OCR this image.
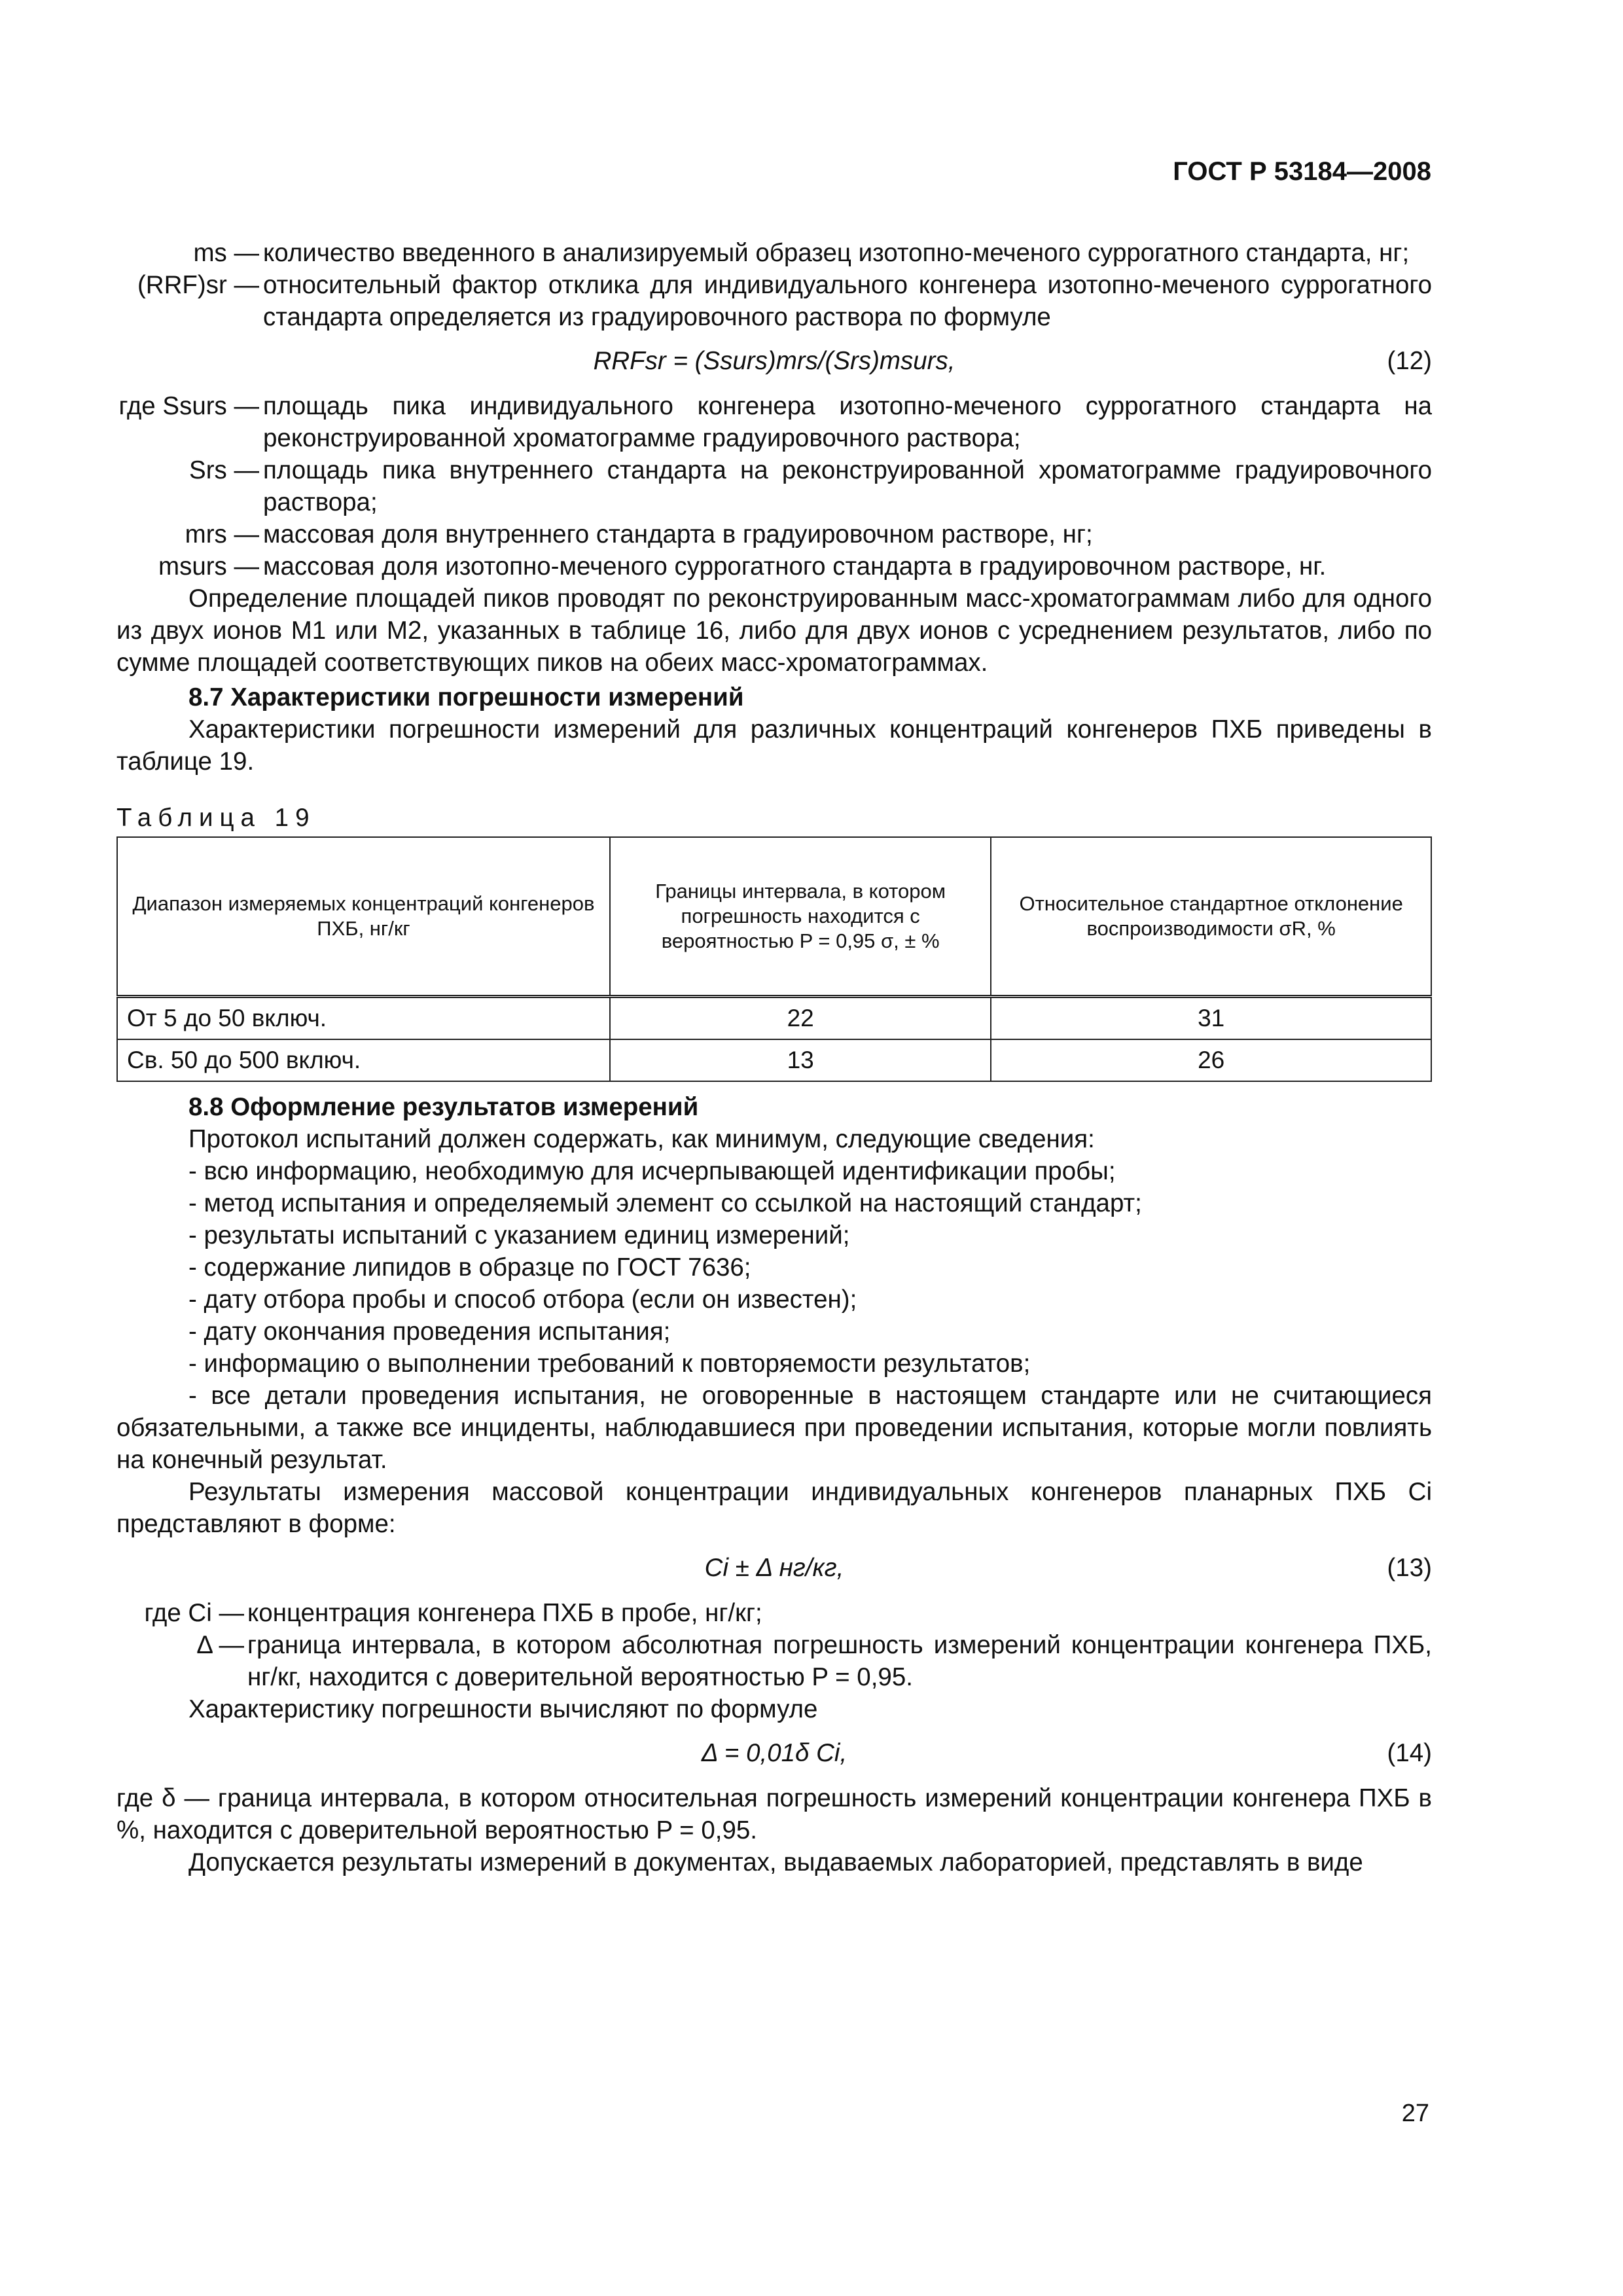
ГОСТ Р 53184—2008
ms — количество введенного в анализируемый образец изотопно-меченого суррогатного стандарта, нг;
(RRF)sr — относительный фактор отклика для индивидуального конгенера изотопно-меченого суррогатного стандарта определяется из градуировочного раствора по формуле
RRFsr = (Ssurs)mrs/(Srs)msurs,	(12)
где Ssurs — площадь пика индивидуального конгенера изотопно-меченого суррогатного стандарта на реконструированной хроматограмме градуировочного раствора;
Srs — площадь пика внутреннего стандарта на реконструированной хроматограмме градуировочного раствора;
mrs — массовая доля внутреннего стандарта в градуировочном растворе, нг;
msurs — массовая доля изотопно-меченого суррогатного стандарта в градуировочном растворе, нг.
Определение площадей пиков проводят по реконструированным масс-хроматограммам либо для одного из двух ионов М1 или М2, указанных в таблице 16, либо для двух ионов с усреднением результатов, либо по сумме площадей соответствующих пиков на обеих масс-хроматограммах.
8.7 Характеристики погрешности измерений
Характеристики погрешности измерений для различных концентраций конгенеров ПХБ приведены в таблице 19.
Таблица 19
Диапазон измеряемых концентраций конгенеров ПХБ, нг/кг	Границы интервала, в котором погрешность находится с вероятностью P = 0,95 σ, ± %	Относительное стандартное отклонение воспроизводимости σR, %
От 5 до 50 включ.	22	31
Св. 50 до 500 включ.	13	26
8.8 Оформление результатов измерений
Протокол испытаний должен содержать, как минимум, следующие сведения:
- всю информацию, необходимую для исчерпывающей идентификации пробы;
- метод испытания и определяемый элемент со ссылкой на настоящий стандарт;
- результаты испытаний с указанием единиц измерений;
- содержание липидов в образце по ГОСТ 7636;
- дату отбора пробы и способ отбора (если он известен);
- дату окончания проведения испытания;
- информацию о выполнении требований к повторяемости результатов;
- все детали проведения испытания, не оговоренные в настоящем стандарте или не считающиеся обязательными, а также все инциденты, наблюдавшиеся при проведении испытания, которые могли повлиять на конечный результат.
Результаты измерения массовой концентрации индивидуальных конгенеров планарных ПХБ Ci представляют в форме:
Ci ± Δ нг/кг,	(13)
где Ci — концентрация конгенера ПХБ в пробе, нг/кг;
Δ — граница интервала, в котором абсолютная погрешность измерений концентрации конгенера ПХБ, нг/кг, находится с доверительной вероятностью P = 0,95.
Характеристику погрешности вычисляют по формуле
Δ = 0,01δ Ci,	(14)
где δ — граница интервала, в котором относительная погрешность измерений концентрации конгенера ПХБ в %, находится с доверительной вероятностью P = 0,95.
Допускается результаты измерений в документах, выдаваемых лабораторией, представлять в виде
27
